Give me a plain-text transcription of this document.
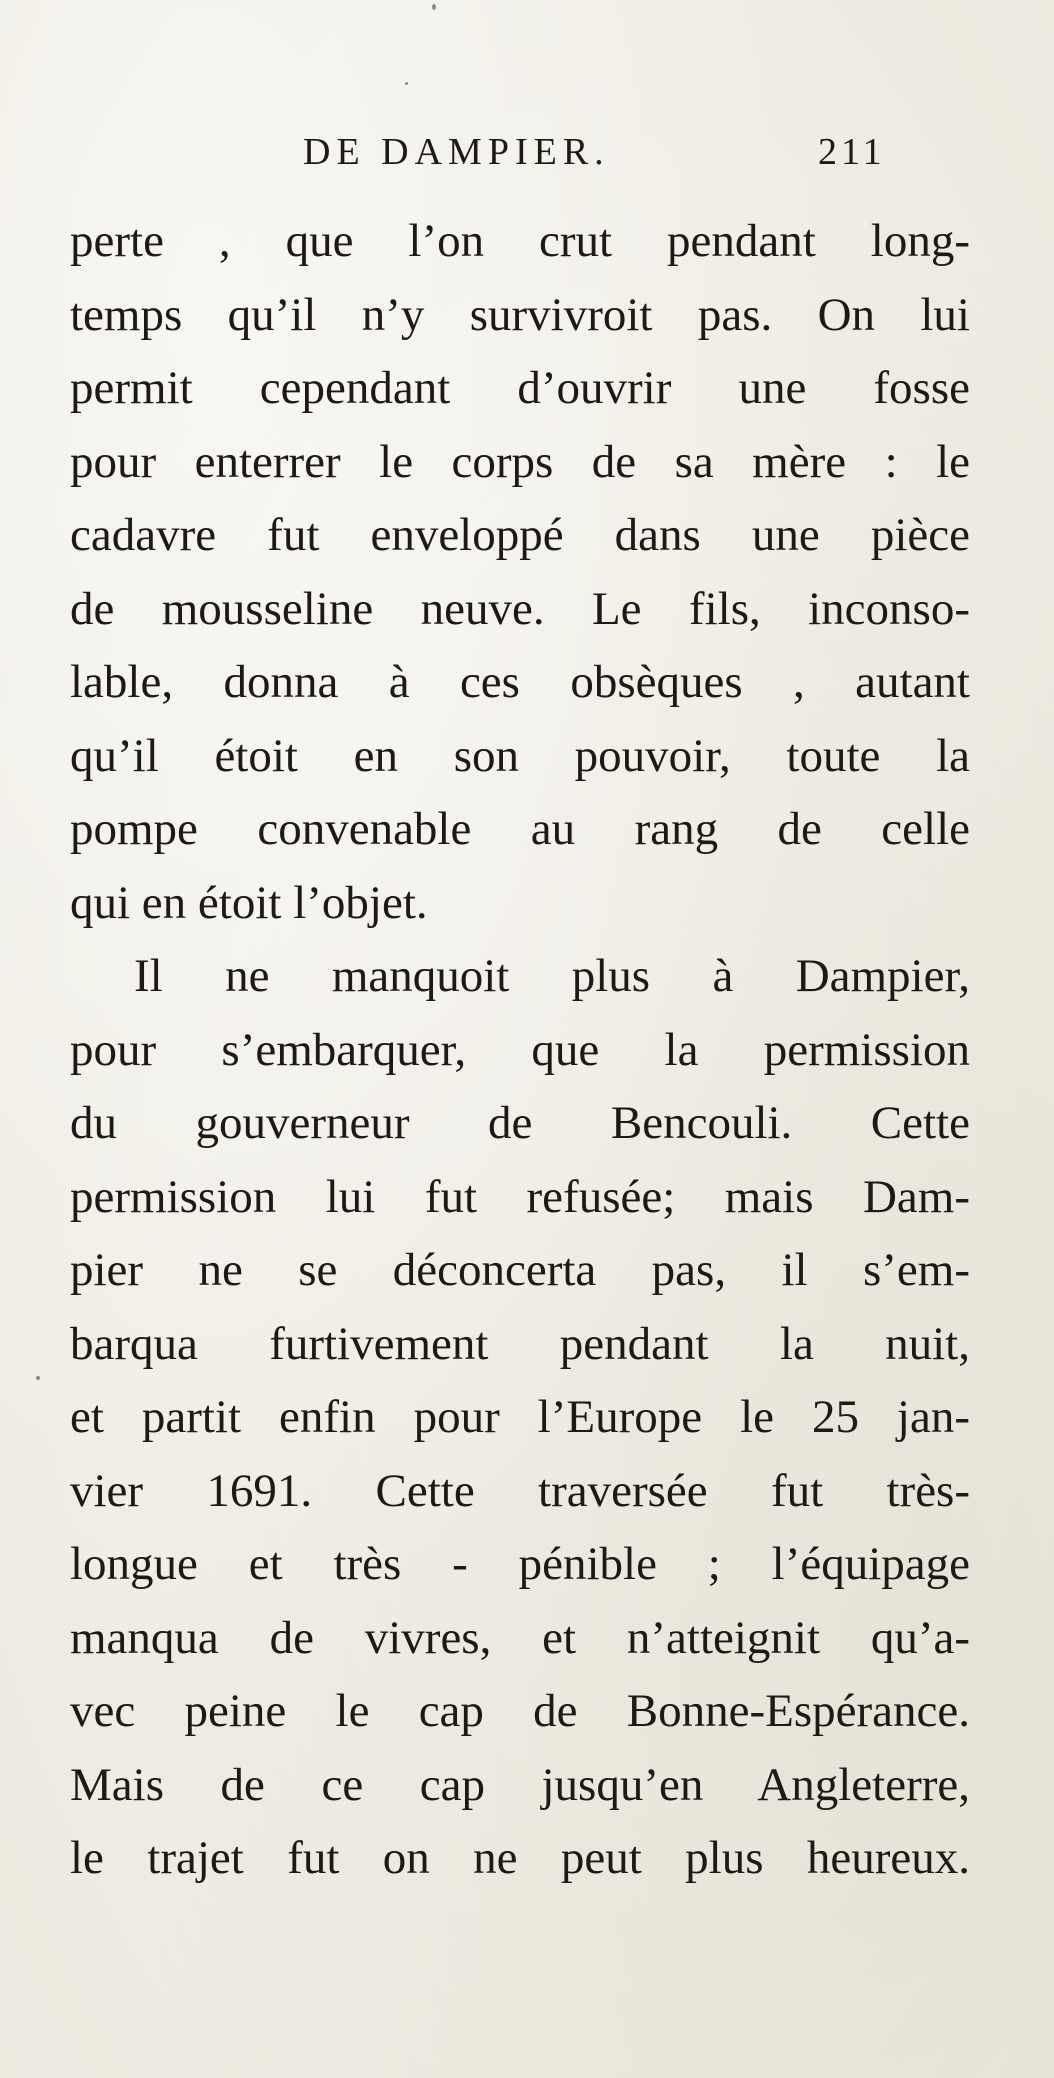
DE DAMPIER.	211
perte , que l’on crut pendant long-
temps qu’il n’y survivroit pas. On lui
permit cependant d’ouvrir une fosse
pour enterrer le corps de sa mère : le
cadavre fut enveloppé dans une pièce
de mousseline neuve. Le fils, inconso-
lable, donna à ces obsèques , autant
qu’il étoit en son pouvoir, toute la
pompe convenable au rang de celle
qui en étoit l’objet.
Il ne manquoit plus à Dampier,
pour s’embarquer, que la permission
du gouverneur de Bencouli. Cette
permission lui fut refusée; mais Dam-
pier ne se déconcerta pas, il s’em-
barqua furtivement pendant la nuit,
et partit enfin pour l’Europe le 25 jan-
vier 1691. Cette traversée fut très-
longue et très - pénible ; l’équipage
manqua de vivres, et n’atteignit qu’a-
vec peine le cap de Bonne-Espérance.
Mais de ce cap jusqu’en Angleterre,
le trajet fut on ne peut plus heureux.
